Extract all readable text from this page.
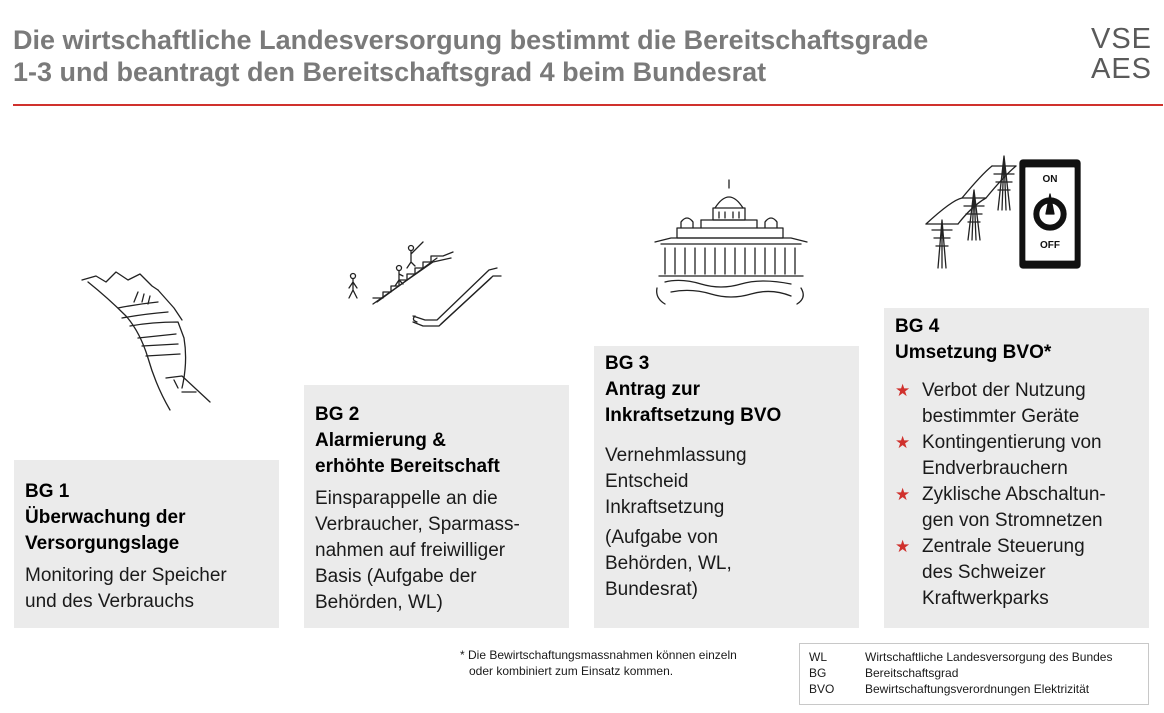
Die wirtschaftliche Landesversorgung bestimmt die Bereitschaftsgrade
1-3 und beantragt den Bereitschaftsgrad 4 beim Bundesrat
VSE
AES
ON
OFF
BG 1
Überwachung der
Versorgungslage

Monitoring der Speicher
und des Verbrauchs

BG 2
Alarmierung &
erhöhte Bereitschaft

Einsparappelle an die
Verbraucher, Sparmass-
nahmen auf freiwilliger
Basis (Aufgabe der
Behörden, WL)

BG 3
Antrag zur
Inkraftsetzung BVO

Vernehmlassung
Entscheid
Inkraftsetzung

(Aufgabe von
Behörden, WL,
Bundesrat)

BG 4
Umsetzung BVO*
★ Verbot der Nutzung
bestimmter Geräte
★ Kontingentierung von
Endverbrauchern
★ Zyklische Abschaltun-
gen von Stromnetzen
★ Zentrale Steuerung
des Schweizer
Kraftwerkparks
* Die Bewirtschaftungsmassnahmen können einzeln
oder kombiniert zum Einsatz kommen.
WL	Wirtschaftliche Landesversorgung des Bundes
BG	Bereitschaftsgrad
BVO	Bewirtschaftungsverordnungen Elektrizität
